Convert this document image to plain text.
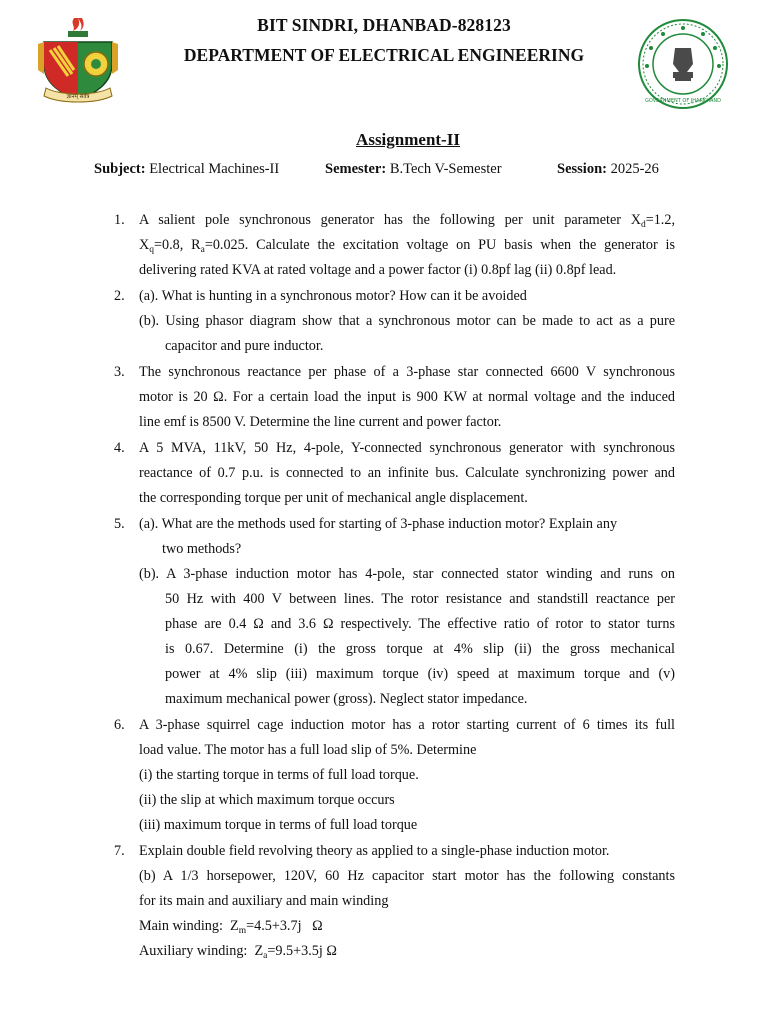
ज्ञानम् सर्वत्र
BIT SINDRI, DHANBAD-828123
DEPARTMENT OF ELECTRICAL ENGINEERING
GOVERNMENT OF JHARKHAND
Assignment-II
Subject: Electrical Machines-II	Semester: B.Tech V-Semester	Session: 2025-26
1. A salient pole synchronous generator has the following per unit parameter $X_d=1.2$,
$X_q=0.8$, $R_a=0.025$. Calculate the excitation voltage on PU basis when the generator is
delivering rated KVA at rated voltage and a power factor (i) 0.8pf lag (ii) 0.8pf lead.
2. (a). What is hunting in a synchronous motor? How can it be avoided
(b). Using phasor diagram show that a synchronous motor can be made to act as a pure
capacitor and pure inductor.
3. The synchronous reactance per phase of a 3-phase star connected 6600 V synchronous
motor is 20 Ω. For a certain load the input is 900 KW at normal voltage and the induced
line emf is 8500 V. Determine the line current and power factor.
4. A 5 MVA, 11kV, 50 Hz, 4-pole, Y-connected synchronous generator with synchronous
reactance of 0.7 p.u. is connected to an infinite bus. Calculate synchronizing power and
the corresponding torque per unit of mechanical angle displacement.
5. (a). What are the methods used for starting of 3-phase induction motor? Explain any
two methods?
(b). A 3-phase induction motor has 4-pole, star connected stator winding and runs on
50 Hz with 400 V between lines. The rotor resistance and standstill reactance per
phase are 0.4 Ω and 3.6 Ω respectively. The effective ratio of rotor to stator turns
is 0.67. Determine (i) the gross torque at 4% slip (ii) the gross mechanical
power at 4% slip (iii) maximum torque (iv) speed at maximum torque and (v)
maximum mechanical power (gross). Neglect stator impedance.
6. A 3-phase squirrel cage induction motor has a rotor starting current of 6 times its full
load value. The motor has a full load slip of 5%. Determine
(i) the starting torque in terms of full load torque.
(ii) the slip at which maximum torque occurs
(iii) maximum torque in terms of full load torque
7. Explain double field revolving theory as applied to a single-phase induction motor.
(b) A 1/3 horsepower, 120V, 60 Hz capacitor start motor has the following constants
for its main and auxiliary and main winding
Main winding:  $Z_m=4.5+3.7j$   Ω
Auxiliary winding:  $Z_a=9.5+3.5j$ Ω
